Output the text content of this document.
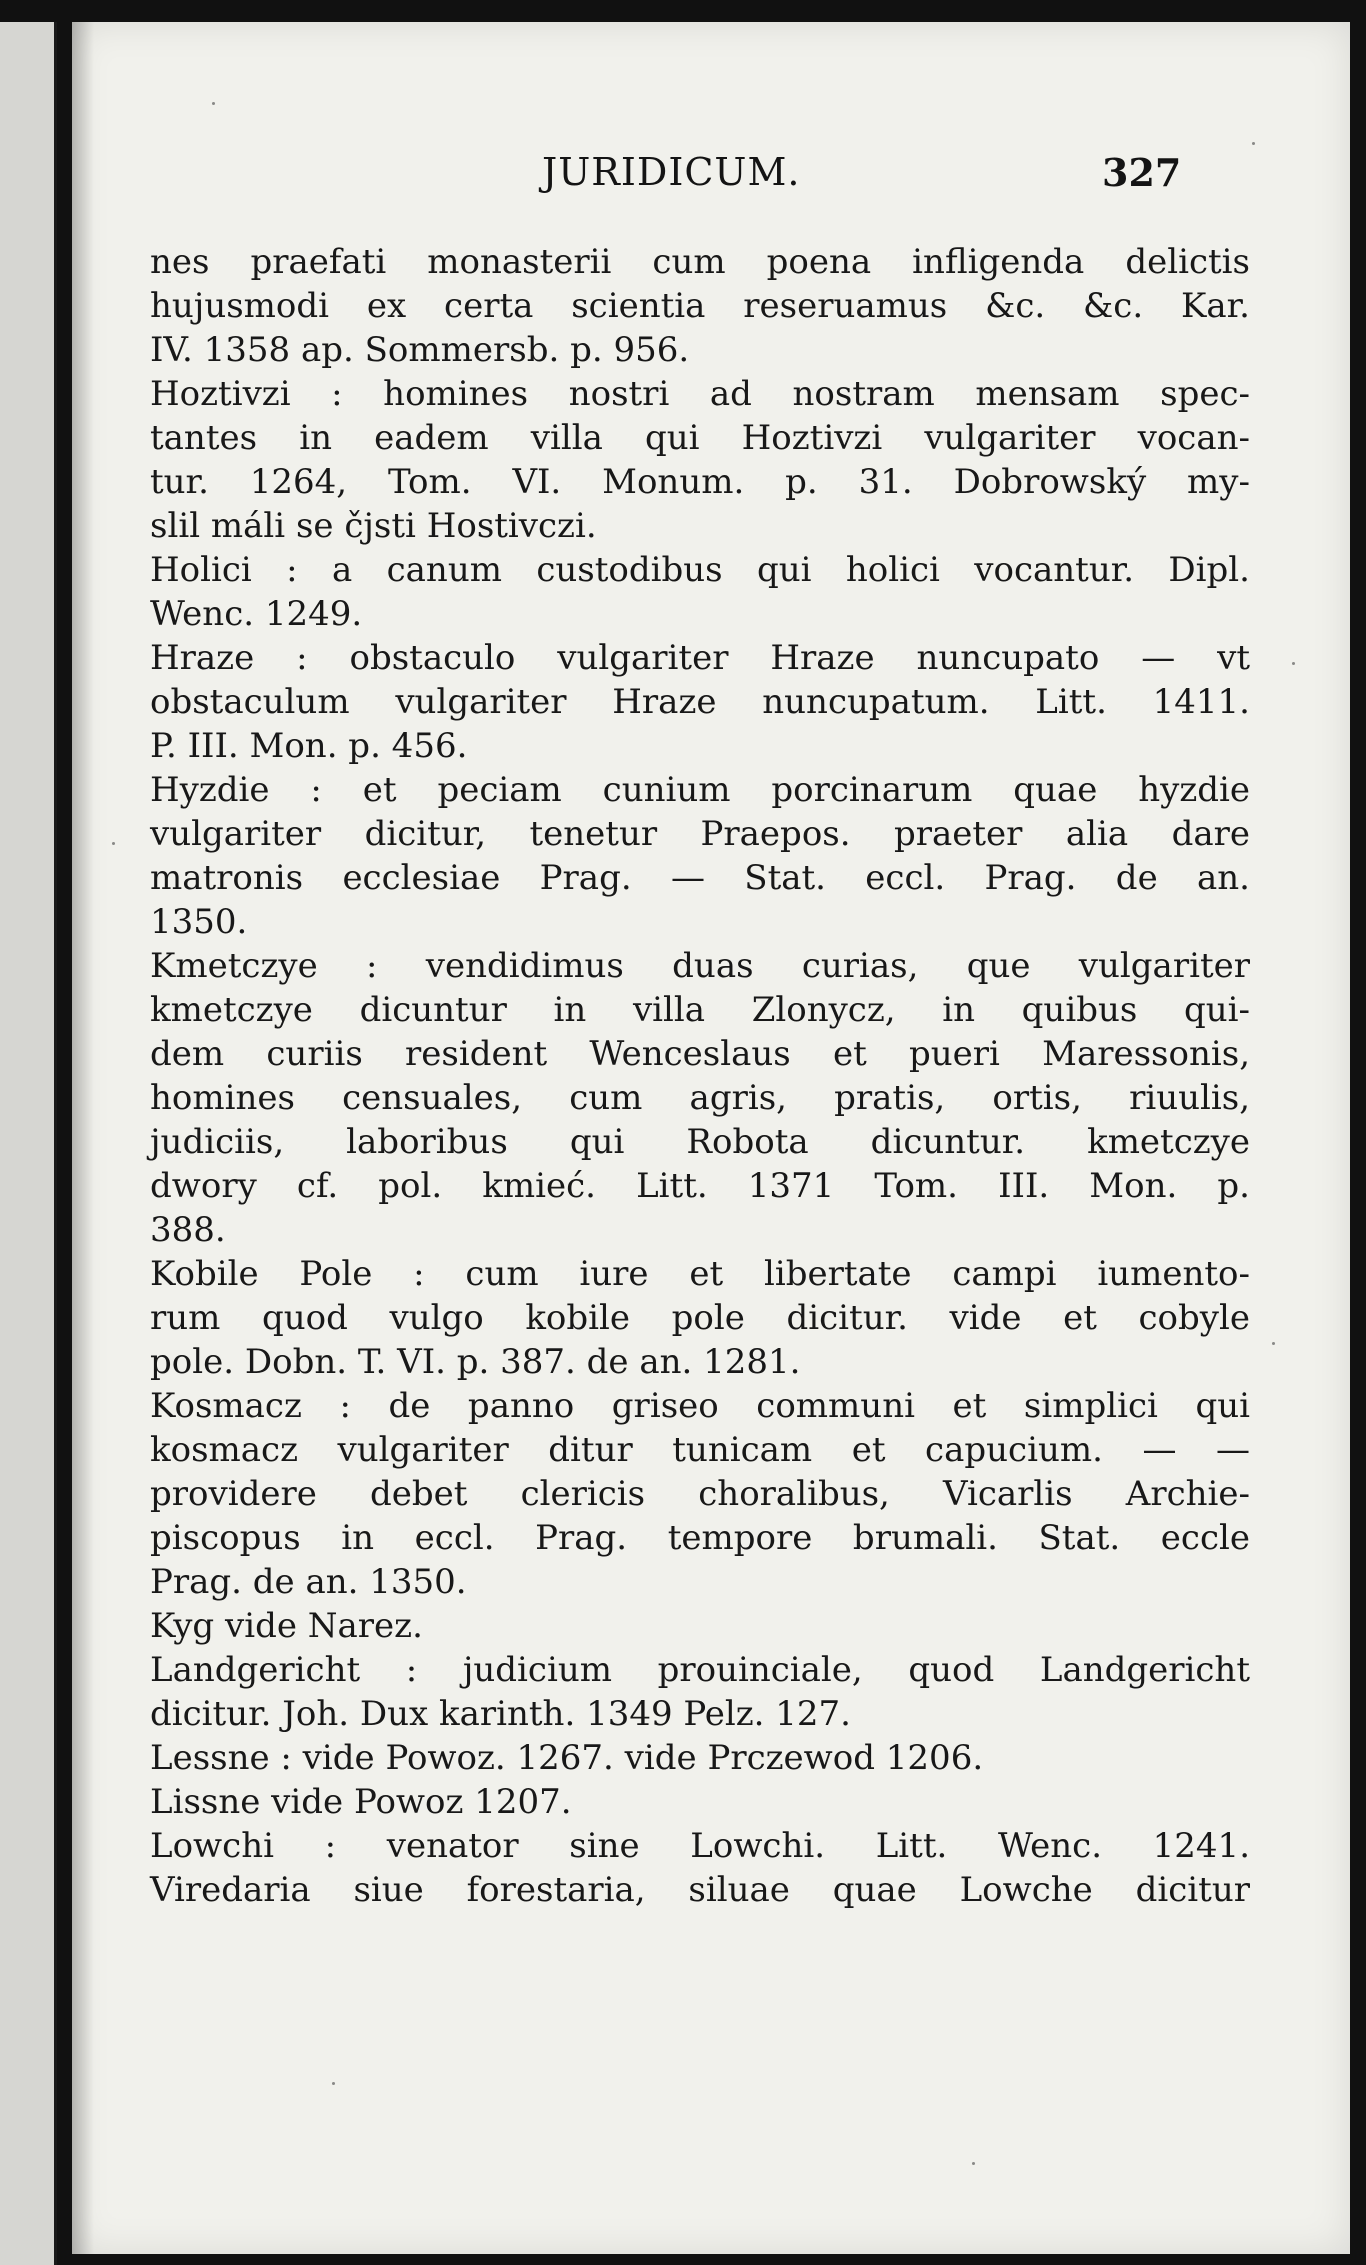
JURIDICUM.	327
nes praefati monasterii cum poena infligenda delictis
hujusmodi ex certa scientia reseruamus &c. &c. Kar.
IV. 1358 ap. Sommersb. p. 956.
Hoztivzi : homines nostri ad nostram mensam spec-
tantes in eadem villa qui Hoztivzi vulgariter vocan-
tur. 1264, Tom. VI. Monum. p. 31. Dobrowský my-
slil máli se čjsti Hostivczi.
Holici : a canum custodibus qui holici vocantur. Dipl.
Wenc. 1249.
Hraze : obstaculo vulgariter Hraze nuncupato — vt
obstaculum vulgariter Hraze nuncupatum. Litt. 1411.
P. III. Mon. p. 456.
Hyzdie : et peciam cunium porcinarum quae hyzdie
vulgariter dicitur, tenetur Praepos. praeter alia dare
matronis ecclesiae Prag. — Stat. eccl. Prag. de an.
1350.
Kmetczye : vendidimus duas curias, que vulgariter
kmetczye dicuntur in villa Zlonycz, in quibus qui-
dem curiis resident Wenceslaus et pueri Maressonis,
homines censuales, cum agris, pratis, ortis, riuulis,
judiciis, laboribus qui Robota dicuntur. kmetczye
dwory cf. pol. kmieć. Litt. 1371 Tom. III. Mon. p.
388.
Kobile Pole : cum iure et libertate campi iumento-
rum quod vulgo kobile pole dicitur. vide et cobyle
pole. Dobn. T. VI. p. 387. de an. 1281.
Kosmacz : de panno griseo communi et simplici qui
kosmacz vulgariter ditur tunicam et capucium. — —
providere debet clericis choralibus, Vicarlis Archie-
piscopus in eccl. Prag. tempore brumali. Stat. eccle
Prag. de an. 1350.
Kyg vide Narez.
Landgericht : judicium prouinciale, quod Landgericht
dicitur. Joh. Dux karinth. 1349 Pelz. 127.
Lessne : vide Powoz. 1267. vide Prczewod 1206.
Lissne vide Powoz 1207.
Lowchi : venator sine Lowchi. Litt. Wenc. 1241.
Viredaria siue forestaria, siluae quae Lowche dicitur
